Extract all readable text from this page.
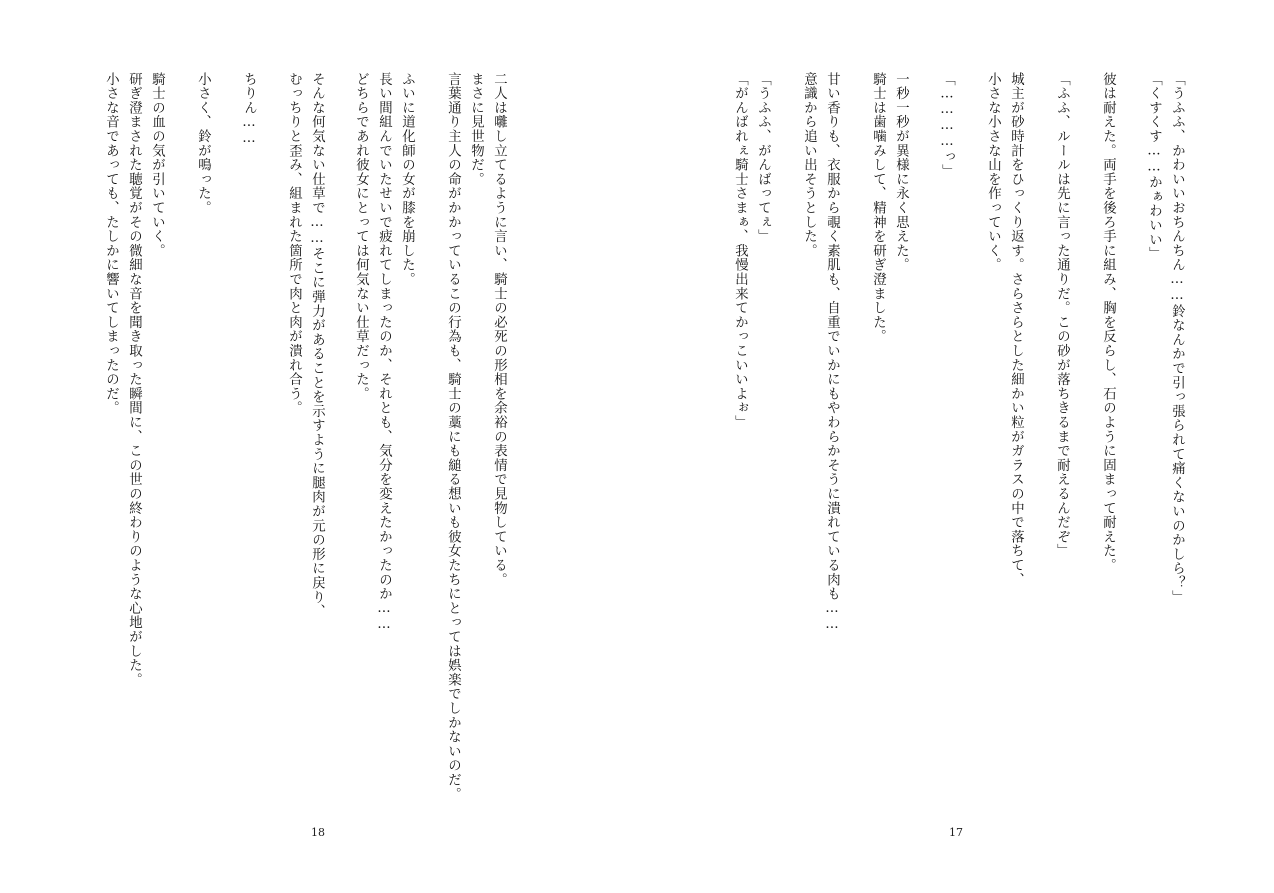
二人は囃し立てるように言い、騎士の必死の形相を余裕の表情で見物している。
まさに見世物だ。
言葉通り主人の命がかかっているこの行為も、騎士の藁にも縋る想いも彼女たちにとっては娯楽でしかないのだ。
ふいに道化師の女が膝を崩した。
長い間組んでいたせいで疲れてしまったのか、それとも、気分を変えたかったのか……
どちらであれ彼女にとっては何気ない仕草だった。
そんな何気ない仕草で……そこに弾力があることを示すように腿肉が元の形に戻り、
むっちりと歪み、組まれた箇所で肉と肉が潰れ合う。
ちりん……
小さく、鈴が鳴った。
騎士の血の気が引いていく。
研ぎ澄まされた聴覚がその微細な音を聞き取った瞬間に、この世の終わりのような心地がした。
小さな音であっても、たしかに響いてしまったのだ。
18
「うふふ、かわいいおちんちん……鈴なんかで引っ張られて痛くないのかしら？」
「くすくす……かぁわいい」
彼は耐えた。両手を後ろ手に組み、胸を反らし、石のように固まって耐えた。
「ふふ、ルールは先に言った通りだ。この砂が落ちきるまで耐えるんだぞ」
城主が砂時計をひっくり返す。さらさらとした細かい粒がガラスの中で落ちて、
小さな小さな山を作っていく。
「…………っ」
一秒一秒が異様に永く思えた。
騎士は歯噛みして、精神を研ぎ澄ました。
甘い香りも、衣服から覗く素肌も、自重でいかにもやわらかそうに潰れている肉も……
意識から追い出そうとした。
「うふふ、がんばってぇ」
「がんばれぇ騎士さまぁ、我慢出来てかっこいいよぉ」
17
